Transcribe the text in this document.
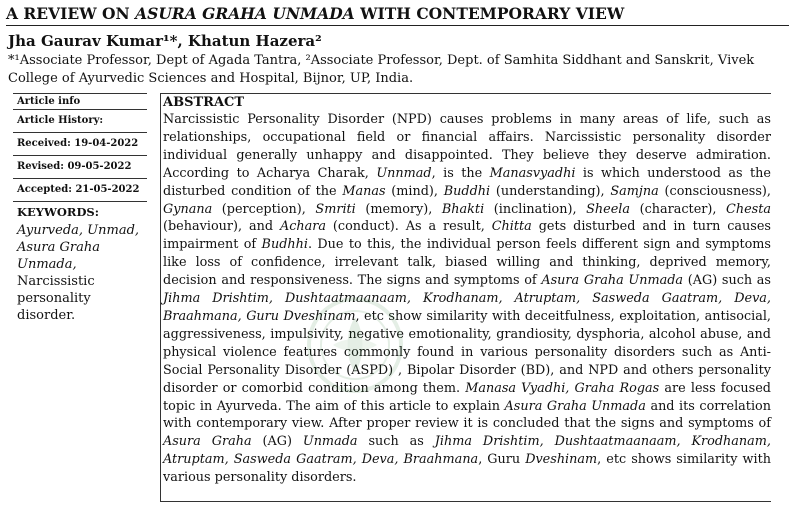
A REVIEW ON ASURA GRAHA UNMADA WITH CONTEMPORARY VIEW
Jha Gaurav Kumar¹*, Khatun Hazera²
*¹Associate Professor, Dept of Agada Tantra, ²Associate Professor, Dept. of Samhita Siddhant and Sanskrit, Vivek College of Ayurvedic Sciences and Hospital, Bijnor, UP, India.
Article info
Article History:
Received: 19-04-2022
Revised: 09-05-2022
Accepted: 21-05-2022
KEYWORDS:
Ayurveda, Unmad, Asura Graha Unmada, Narcissistic personality disorder.
ABSTRACT
Narcissistic Personality Disorder (NPD) causes problems in many areas of life, such as relationships, occupational field or financial affairs. Narcissistic personality disorder individual generally unhappy and disappointed. They believe they deserve admiration. According to Acharya Charak, Unnmad, is the Manasvyadhi is which understood as the disturbed condition of the Manas (mind), Buddhi (understanding), Samjna (consciousness), Gynana (perception), Smriti (memory), Bhakti (inclination), Sheela (character), Chesta (behaviour), and Achara (conduct). As a result, Chitta gets disturbed and in turn causes impairment of Budhhi. Due to this, the individual person feels different sign and symptoms like loss of confidence, irrelevant talk, biased willing and thinking, deprived memory, decision and responsiveness. The signs and symptoms of Asura Graha Unmada (AG) such as Jihma Drishtim, Dushtaatmaanaam, Krodhanam, Atruptam, Sasweda Gaatram, Deva, Braahmana, Guru Dveshinam, etc show similarity with deceitfulness, exploitation, antisocial, aggressiveness, impulsivity, negative emotionality, grandiosity, dysphoria, alcohol abuse, and physical violence features commonly found in various personality disorders such as Anti-Social Personality Disorder (ASPD) , Bipolar Disorder (BD), and NPD and others personality disorder or comorbid condition among them. Manasa Vyadhi, Graha Rogas are less focused topic in Ayurveda. The aim of this article to explain Asura Graha Unmada and its correlation with contemporary view. After proper review it is concluded that the signs and symptoms of Asura Graha (AG) Unmada such as Jihma Drishtim, Dushtaatmaanaam, Krodhanam, Atruptam, Sasweda Gaatram, Deva, Braahmana, Guru Dveshinam, etc shows similarity with various personality disorders.
